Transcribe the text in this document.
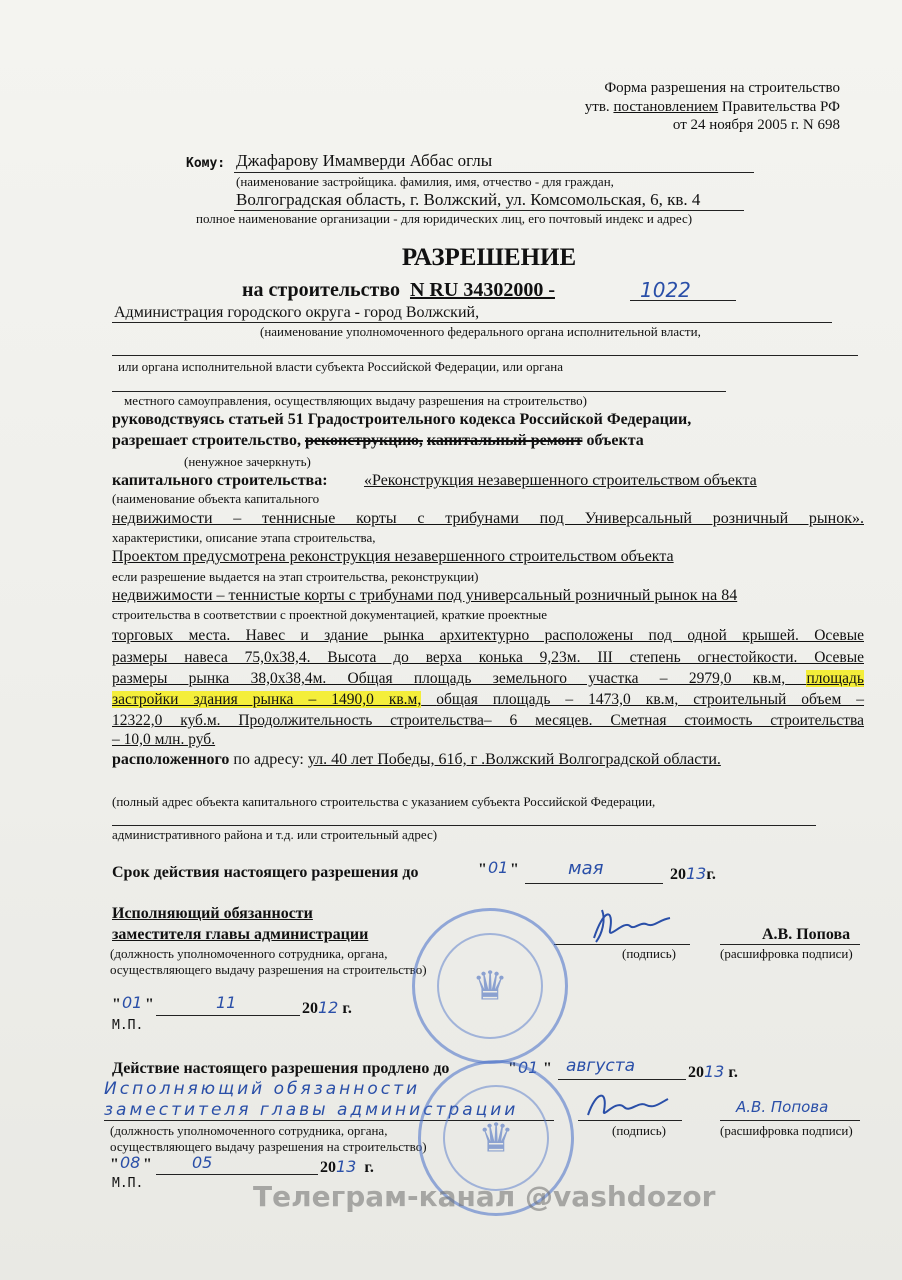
Форма разрешения на строительство
утв. постановлением Правительства РФ
от 24 ноября 2005 г. N 698
Кому: Джафарову Имамверди Аббас оглы
(наименование застройщика. фамилия, имя, отчество - для граждан,
Волгоградская область, г. Волжский, ул. Комсомольская, 6, кв. 4
полное наименование организации - для юридических лиц, его почтовый индекс и адрес)
РАЗРЕШЕНИЕ
на строительство N RU 34302000 -	1022
Администрация городского округа - город Волжский,
(наименование уполномоченного федерального органа исполнительной власти,
или органа исполнительной власти субъекта Российской Федерации, или органа
местного самоуправления, осуществляющих выдачу разрешения на строительство)
руководствуясь статьей 51 Градостроительного кодекса Российской Федерации,
разрешает строительство, реконструкцию, капитальный ремонт объекта
(ненужное зачеркнуть)
капитального строительства: «Реконструкция незавершенного строительством объекта
(наименование объекта капитального
недвижимости – теннисные корты с трибунами под Универсальный розничный рынок».
характеристики, описание этапа строительства,
Проектом предусмотрена реконструкция незавершенного строительством объекта
если разрешение выдается на этап строительства, реконструкции)
недвижимости – теннистые корты с трибунами под универсальный розничный рынок на 84
строительства в соответствии с проектной документацией, краткие проектные
торговых места. Навес и здание рынка архитектурно расположены под одной крышей. Осевые
размеры навеса 75,0х38,4. Высота до верха конька 9,23м. III степень огнестойкости. Осевые
размеры рынка 38,0х38,4м. Общая площадь земельного участка – 2979,0 кв.м, площадь
застройки здания рынка – 1490,0 кв.м, общая площадь – 1473,0 кв.м, строительный объем –
12322,0 куб.м. Продолжительность строительства– 6 месяцев. Сметная стоимость строительства
– 10,0 млн. руб.
расположенного по адресу: ул. 40 лет Победы, 61б, г .Волжский Волгоградской области.
(полный адрес объекта капитального строительства с указанием субъекта Российской Федерации,
административного района и т.д. или строительный адрес)
Срок действия настоящего разрешения до	" 01 "	мая	2013г.
Исполняющий обязанности
заместителя главы администрации	А.В. Попова
(должность уполномоченного сотрудника, органа,
осуществляющего выдачу разрешения на строительство)
(подпись)	(расшифровка подписи)
" 01 "	11	2012 г.
М.П.
Действие настоящего разрешения продлено до	" 01 " августа	2013 г.
Исполняющий обязанности
заместителя главы администрации	А.В. Попова
(должность уполномоченного сотрудника, органа,
осуществляющего выдачу разрешения на строительство)
(подпись)	(расшифровка подписи)
" 08 "	05	2013 г.
М.П.
♛
♛
Телеграм-канал @vashdozor
